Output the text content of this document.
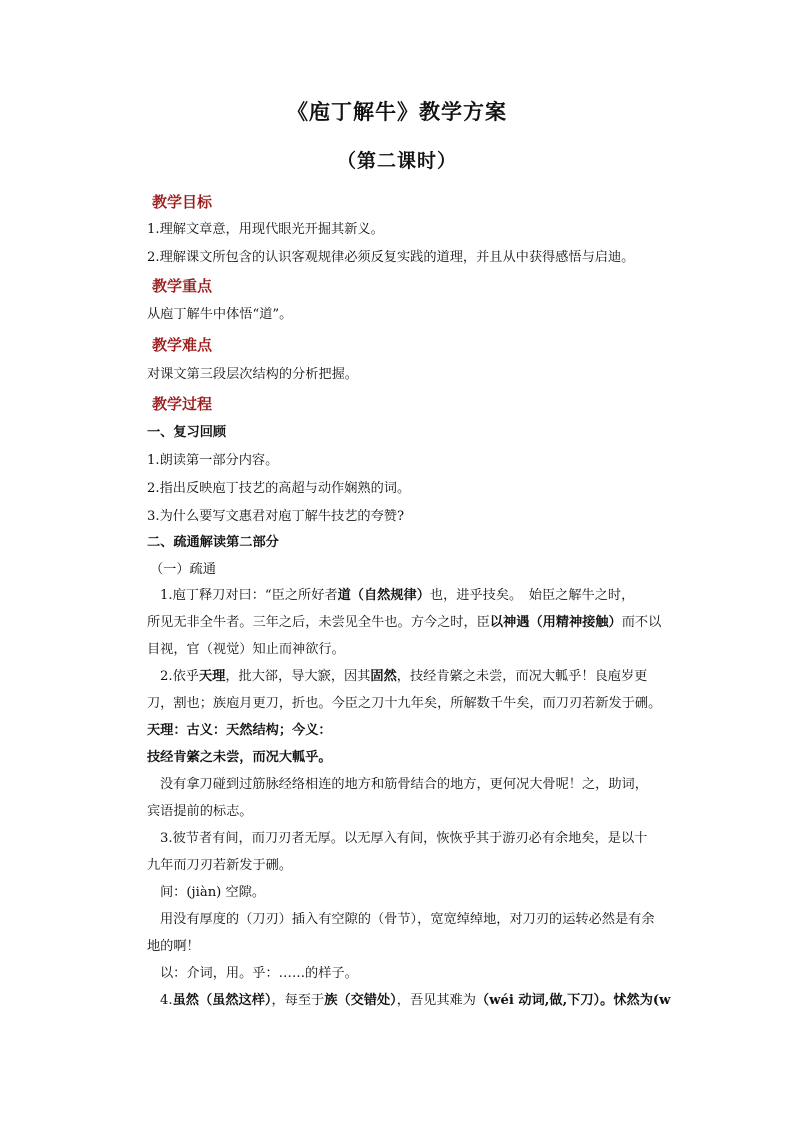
《庖丁解牛》教学方案
（第二课时）
教学目标
1.理解文章意，用现代眼光开掘其新义。
2.理解课文所包含的认识客观规律必须反复实践的道理，并且从中获得感悟与启迪。
教学重点
从庖丁解牛中体悟“道”。
教学难点
对课文第三段层次结构的分析把握。
教学过程
一、复习回顾
1.朗读第一部分内容。
2.指出反映庖丁技艺的高超与动作娴熟的词。
3.为什么要写文惠君对庖丁解牛技艺的夸赞?
二、疏通解读第二部分
（一）疏通
1.庖丁释刀对曰：“臣之所好者道（自然规律）也，进乎技矣。　始臣之解牛之时，
所见无非全牛者。三年之后，未尝见全牛也。方今之时，臣以神遇（用精神接触）而不以
目视，官（视觉）知止而神欲行。
2.依乎天理，批大郤，导大窾，因其固然，技经肯綮之未尝，而况大軱乎！良庖岁更
刀，割也；族庖月更刀，折也。今臣之刀十九年矣，所解数千牛矣，而刀刃若新发于硎。
天理：古义：天然结构；今义：
技经肯綮之未尝，而况大軱乎。
没有拿刀碰到过筋脉经络相连的地方和筋骨结合的地方，更何况大骨呢！之，助词，
宾语提前的标志。
3.彼节者有间，而刀刃者无厚。以无厚入有间，恢恢乎其于游刃必有余地矣，是以十
九年而刀刃若新发于硎。
间：(jiàn) 空隙。
用没有厚度的（刀刃）插入有空隙的（骨节），宽宽绰绰地，对刀刃的运转必然是有余
地的啊！
以：介词，用。乎：……的样子。
4.虽然（虽然这样），每至于族（交错处），吾见其难为（wéi 动词,做,下刀）。怵然为(w
